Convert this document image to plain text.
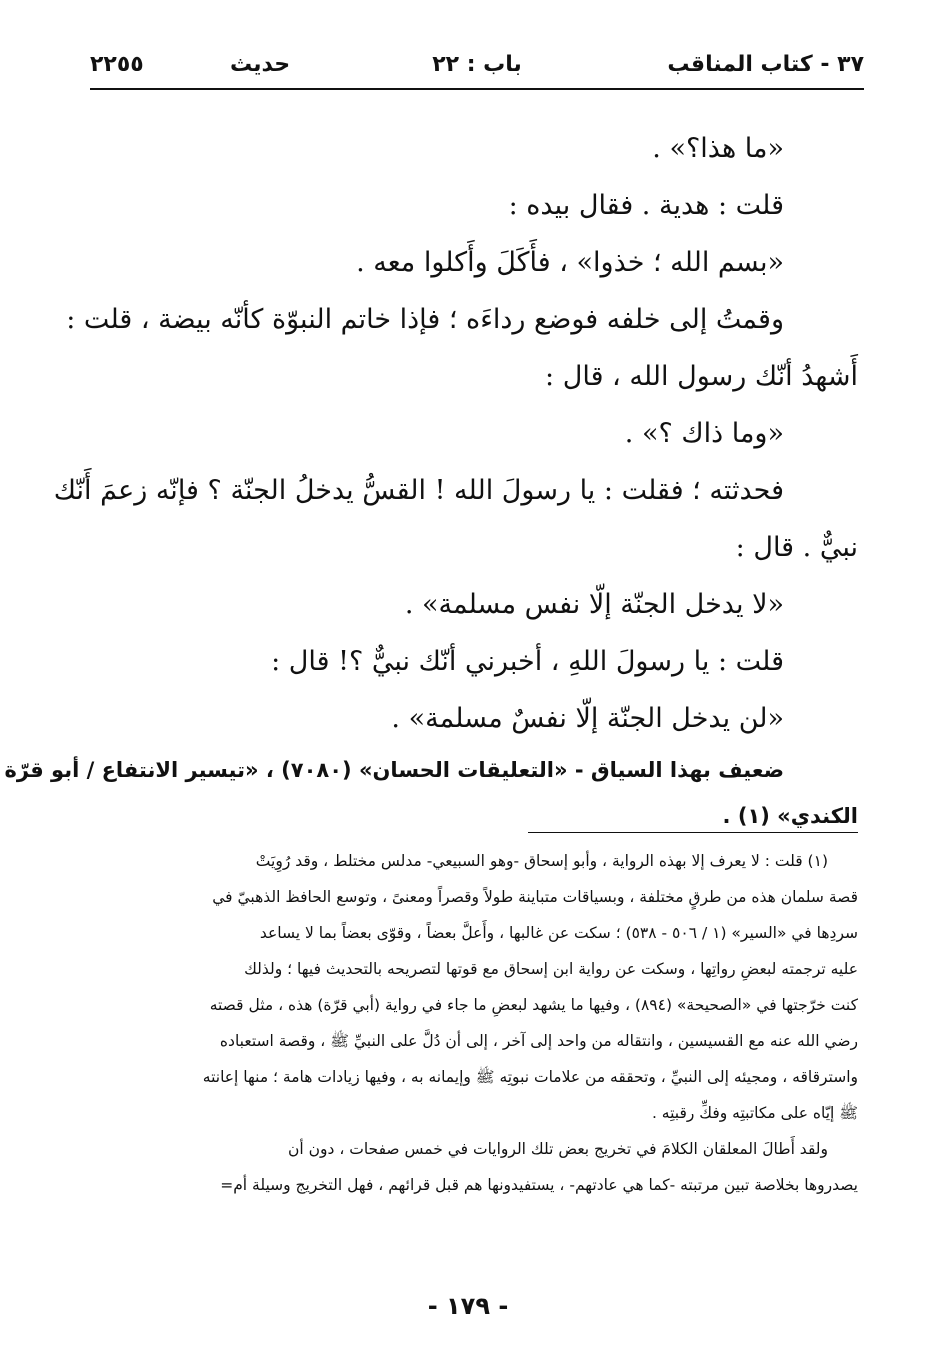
٣٧ - كتاب المناقب
باب : ٢٢
حديث
٢٢٥٥

«ما هذا؟» .

قلت : هدية . فقال بيده :

«بسم الله ؛ خذوا» ، فأَكَلَ وأَكلوا معه .

وقمتُ إلى خلفه فوضع رداءَه ؛ فإذا خاتم النبوّة كأنّه بيضة ، قلت :

أَشهدُ أنّك رسول الله ، قال :

«وما ذاك ؟» .

فحدثته ؛ فقلت : يا رسولَ الله ! القسُّ يدخلُ الجنّة ؟ فإنّه زعمَ أَنّك

نبيٌّ . قال :

«لا يدخل الجنّة إلّا نفس مسلمة» .

قلت : يا رسولَ اللهِ ، أخبرني أنّك نبيٌّ ؟! قال :

«لن يدخل الجنّة إلّا نفسٌ مسلمة» .

ضعيف بهذا السياق - «التعليقات الحسان» (٧٠٨٠) ، «تيسير الانتفاع / أبو قرّة

الكندي» (١) .

(١) قلت : لا يعرف إلا بهذه الرواية ، وأبو إسحاق -وهو السبيعي- مدلس مختلط ، وقد رُوِيَتْ

قصة سلمان هذه من طرقٍ مختلفة ، وبسياقات متباينة طولاً وقصراً ومعنىً ، وتوسع الحافظ الذهبيّ في

سردِها في «السير» (١ / ٥٠٦ - ٥٣٨) ؛ سكت عن غالبها ، وأَعلَّ بعضاً ، وقوّى بعضاً بما لا يساعد

عليه ترجمته لبعضِ رواتِها ، وسكت عن رواية ابن إسحاق مع قوتها لتصريحه بالتحديث فيها ؛ ولذلك

كنت خرّجتها في «الصحيحة» (٨٩٤) ، وفيها ما يشهد لبعضِ ما جاء في رواية (أبي قرّة) هذه ، مثل قصته

رضي الله عنه مع القسيسين ، وانتقاله من واحد إلى آخر ، إلى أن دُلَّ على النبيِّ ﷺ ، وقصة استعباده

واسترقاقه ، ومجيئه إلى النبيِّ ، وتحققه من علامات نبوتِه ﷺ وإيمانه به ، وفيها زيادات هامة ؛ منها إعانته

ﷺ إيّاه على مكاتبتِه وفكِّ رقبتِه .

ولقد أَطالَ المعلقان الكلامَ في تخريج بعض تلك الروايات في خمس صفحات ، دون أن

يصدروها بخلاصة تبين مرتبته -كما هي عادتهم- ، يستفيدونها هم قبل قرائهم ، فهل التخريج وسيلة أم=

- ١٧٩ -
